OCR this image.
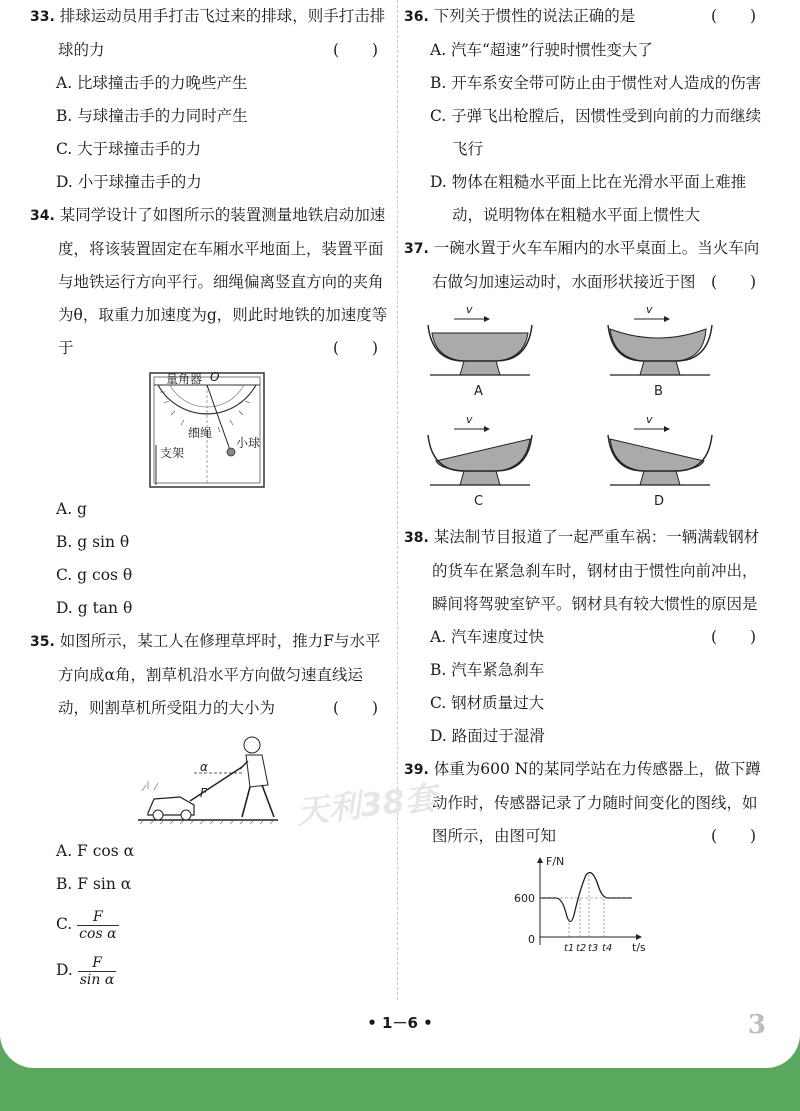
33. 排球运动员用手打击飞过来的排球，则手打击排球的力	( )

A. 比球撞击手的力晚些产生
B. 与球撞击手的力同时产生
C. 大于球撞击手的力
D. 小于球撞击手的力

34. 某同学设计了如图所示的装置测量地铁启动加速度，将该装置固定在车厢水平地面上，装置平面与地铁运行方向平行。细绳偏离竖直方向的夹角为θ，取重力加速度为g，则此时地铁的加速度等于	( )

量角器 O
细绳
小球
支架
A. g
B. g sin θ
C. g cos θ
D. g tan θ

35. 如图所示，某工人在修理草坪时，推力F与水平方向成α角，割草机沿水平方向做匀速直线运动，则割草机所受阻力的大小为	( )

α
F
A. F cos α
B. F sin α
C. $\frac{F}{\text{cos α}}$
D. $\frac{F}{\text{sin α}}$

36. 下列关于惯性的说法正确的是	( )

A. 汽车“超速”行驶时惯性变大了
B. 开车系安全带可防止由于惯性对人造成的伤害
C. 子弹飞出枪膛后，因惯性受到向前的力而继续
飞行
D. 物体在粗糙水平面上比在光滑水平面上难推
动，说明物体在粗糙水平面上惯性大

37. 一碗水置于火车车厢内的水平桌面上。当火车向右做匀加速运动时，水面形状接近于图 ( )

v
A
v
B
v
C
v
D

38. 某法制节目报道了一起严重车祸：一辆满载钢材的货车在紧急刹车时，钢材由于惯性向前冲出，瞬间将驾驶室铲平。钢材具有较大惯性的原因是
( )

A. 汽车速度过快
B. 汽车紧急刹车
C. 钢材质量过大
D. 路面过于湿滑

39. 体重为600 N的某同学站在力传感器上，做下蹲动作时，传感器记录了力随时间变化的图线，如图所示，由图可知	( )

F/N
600
0
t1 t2 t3 t4 t/s
天利38套
• 1－6 •	3
